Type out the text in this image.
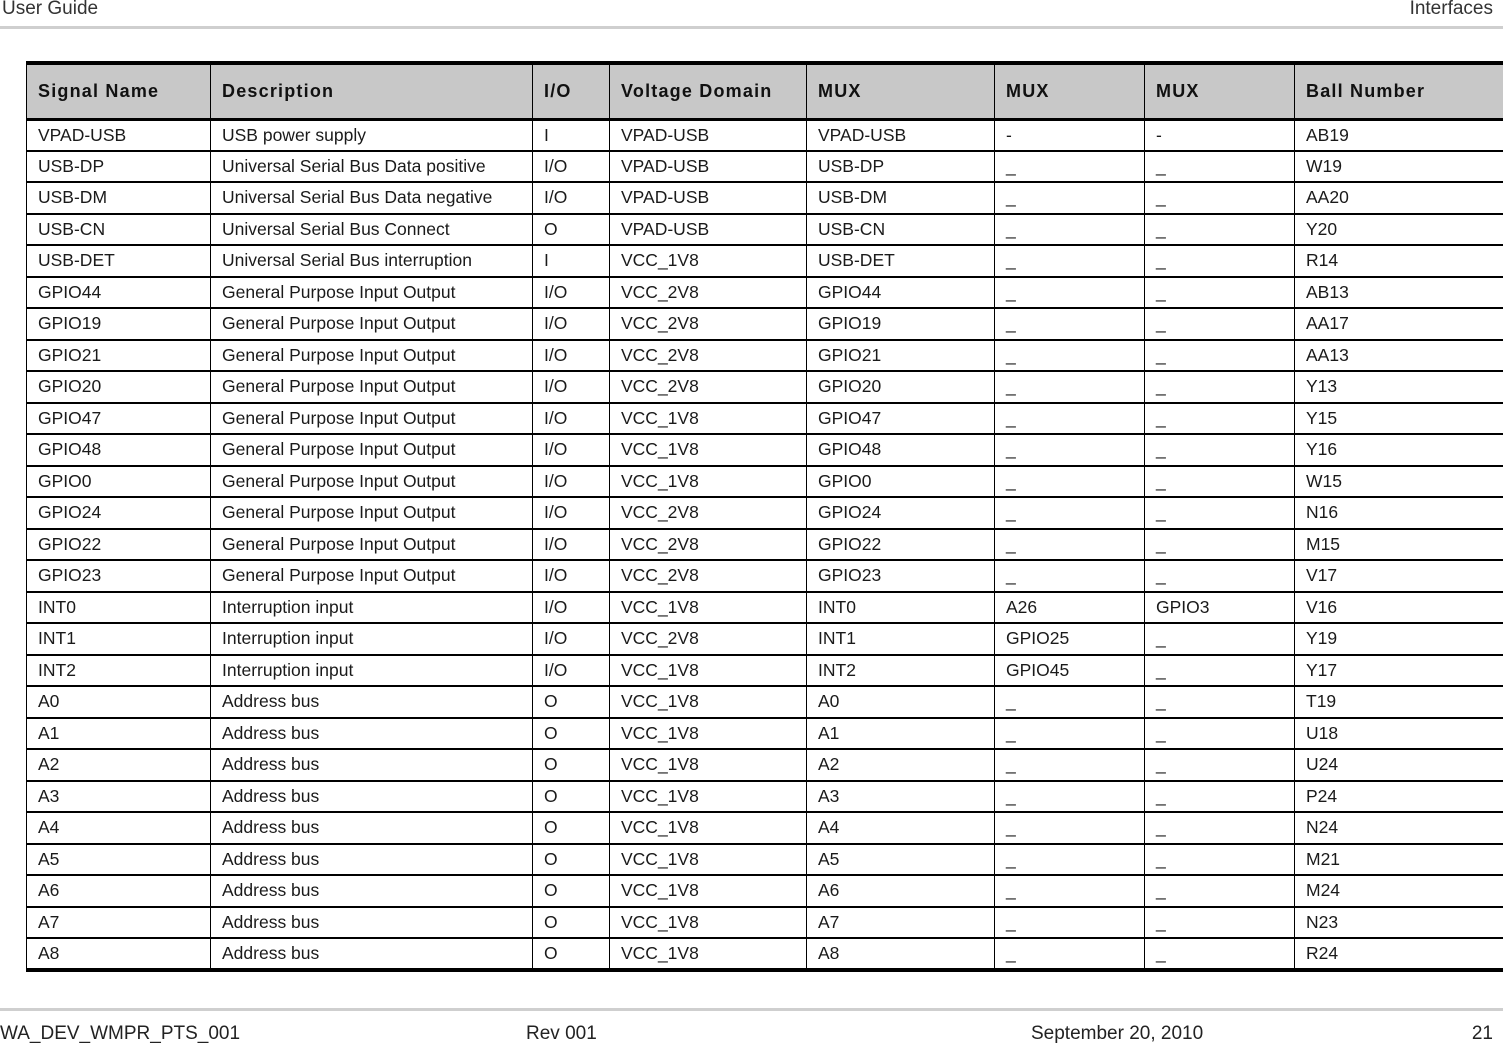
User Guide	Interfaces
Signal Name	Description	I/O	Voltage Domain	MUX	MUX	MUX	Ball Number
VPAD-USB	USB power supply	I	VPAD-USB	VPAD-USB	-	-	AB19
USB-DP	Universal Serial Bus Data positive	I/O	VPAD-USB	USB-DP	_	_	W19
USB-DM	Universal Serial Bus Data negative	I/O	VPAD-USB	USB-DM	_	_	AA20
USB-CN	Universal Serial Bus Connect	O	VPAD-USB	USB-CN	_	_	Y20
USB-DET	Universal Serial Bus interruption	I	VCC_1V8	USB-DET	_	_	R14
GPIO44	General Purpose Input Output	I/O	VCC_2V8	GPIO44	_	_	AB13
GPIO19	General Purpose Input Output	I/O	VCC_2V8	GPIO19	_	_	AA17
GPIO21	General Purpose Input Output	I/O	VCC_2V8	GPIO21	_	_	AA13
GPIO20	General Purpose Input Output	I/O	VCC_2V8	GPIO20	_	_	Y13
GPIO47	General Purpose Input Output	I/O	VCC_1V8	GPIO47	_	_	Y15
GPIO48	General Purpose Input Output	I/O	VCC_1V8	GPIO48	_	_	Y16
GPIO0	General Purpose Input Output	I/O	VCC_1V8	GPIO0	_	_	W15
GPIO24	General Purpose Input Output	I/O	VCC_2V8	GPIO24	_	_	N16
GPIO22	General Purpose Input Output	I/O	VCC_2V8	GPIO22	_	_	M15
GPIO23	General Purpose Input Output	I/O	VCC_2V8	GPIO23	_	_	V17
INT0	Interruption input	I/O	VCC_1V8	INT0	A26	GPIO3	V16
INT1	Interruption input	I/O	VCC_2V8	INT1	GPIO25	_	Y19
INT2	Interruption input	I/O	VCC_1V8	INT2	GPIO45	_	Y17
A0	Address bus	O	VCC_1V8	A0	_	_	T19
A1	Address bus	O	VCC_1V8	A1	_	_	U18
A2	Address bus	O	VCC_1V8	A2	_	_	U24
A3	Address bus	O	VCC_1V8	A3	_	_	P24
A4	Address bus	O	VCC_1V8	A4	_	_	N24
A5	Address bus	O	VCC_1V8	A5	_	_	M21
A6	Address bus	O	VCC_1V8	A6	_	_	M24
A7	Address bus	O	VCC_1V8	A7	_	_	N23
A8	Address bus	O	VCC_1V8	A8	_	_	R24
WA_DEV_WMPR_PTS_001	Rev 001	September 20, 2010	21
